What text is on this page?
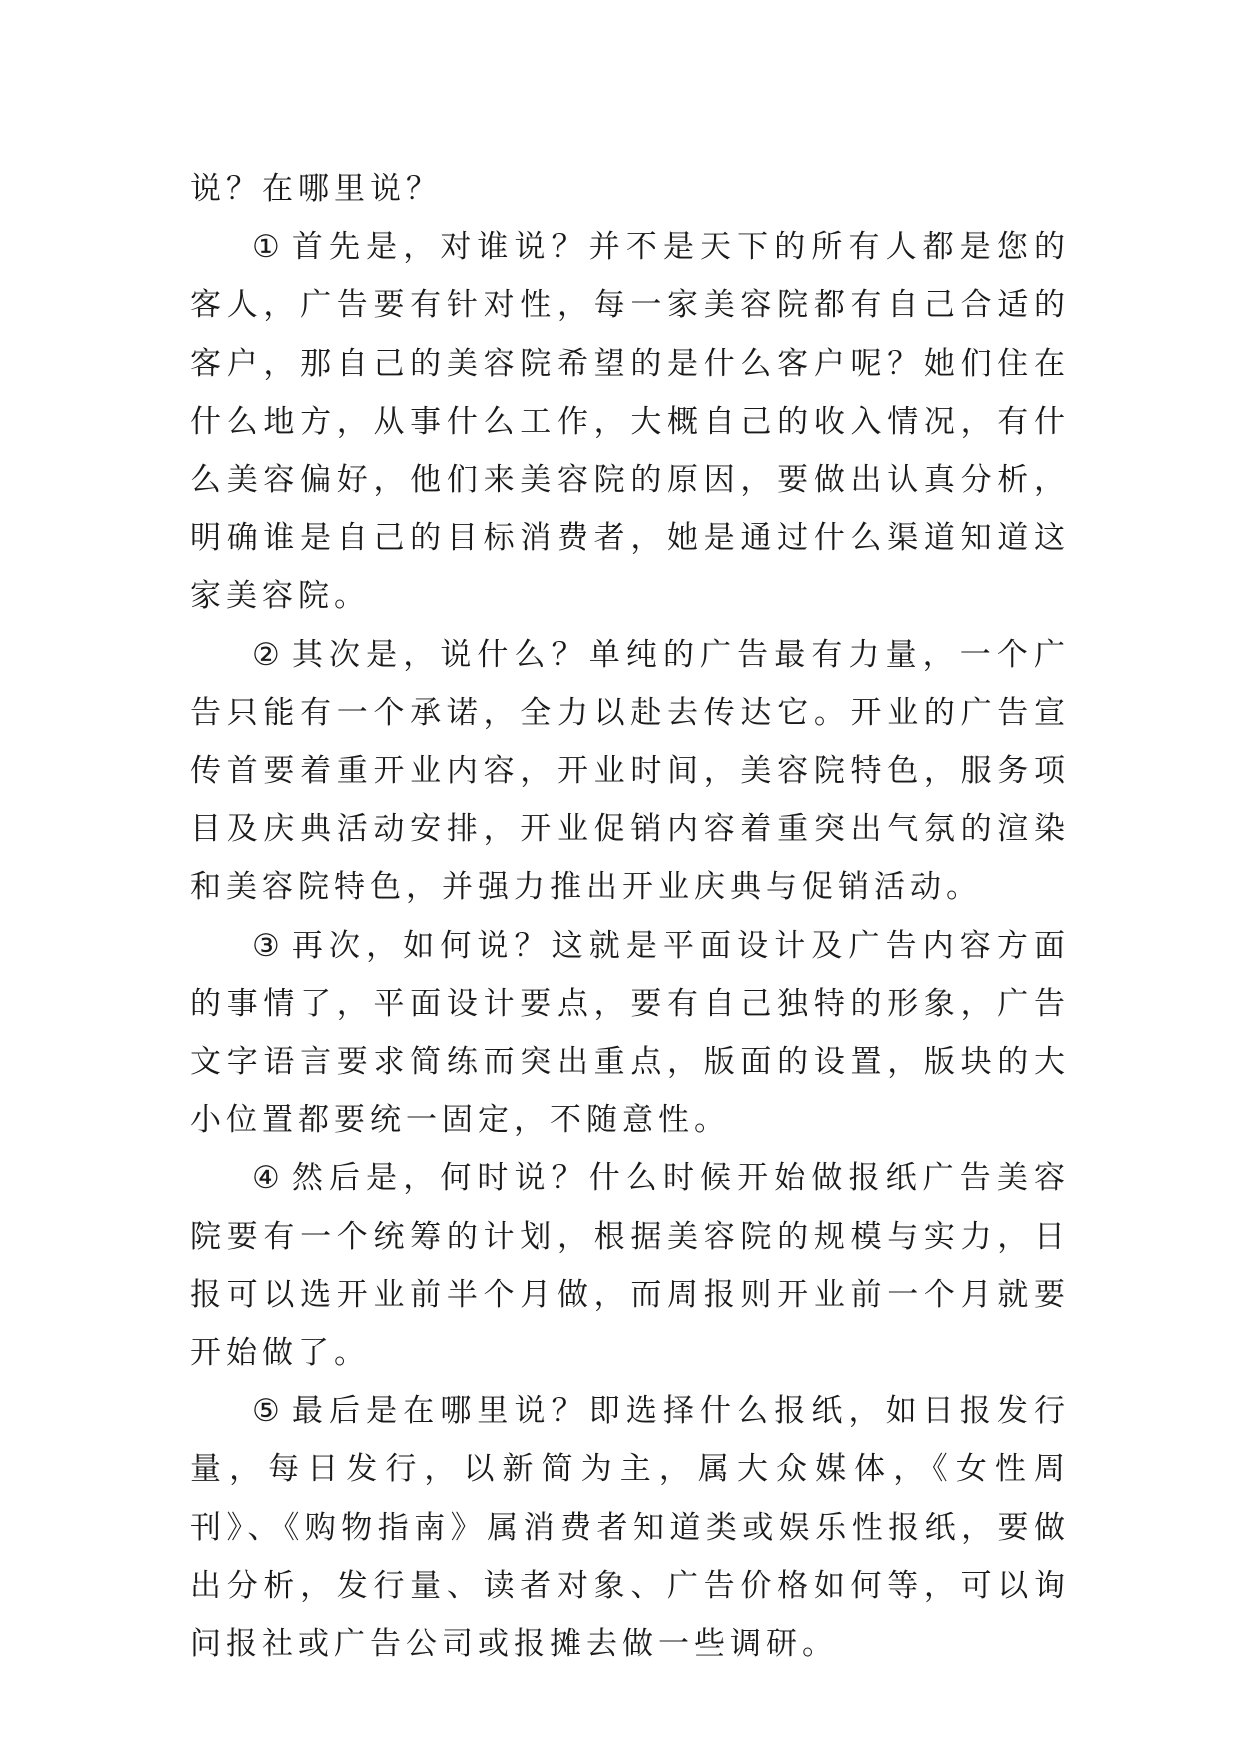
说？在哪里说？

① 首先是，对谁说？并不是天下的所有人都是您的客人，广告要有针对性，每一家美容院都有自己合适的客户，那自己的美容院希望的是什么客户呢？她们住在什么地方，从事什么工作，大概自己的收入情况，有什么美容偏好，他们来美容院的原因，要做出认真分析，明确谁是自己的目标消费者，她是通过什么渠道知道这家美容院。

② 其次是，说什么？单纯的广告最有力量，一个广告只能有一个承诺，全力以赴去传达它。开业的广告宣传首要着重开业内容，开业时间，美容院特色，服务项目及庆典活动安排，开业促销内容着重突出气氛的渲染和美容院特色，并强力推出开业庆典与促销活动。

③ 再次，如何说？这就是平面设计及广告内容方面的事情了，平面设计要点，要有自己独特的形象，广告文字语言要求简练而突出重点，版面的设置，版块的大小位置都要统一固定，不随意性。

④ 然后是，何时说？什么时候开始做报纸广告美容院要有一个统筹的计划，根据美容院的规模与实力，日报可以选开业前半个月做，而周报则开业前一个月就要开始做了。

⑤ 最后是在哪里说？即选择什么报纸，如日报发行量，每日发行，以新简为主，属大众媒体，《女性周刊》、《购物指南》属消费者知道类或娱乐性报纸，要做出分析，发行量、读者对象、广告价格如何等，可以询问报社或广告公司或报摊去做一些调研。
